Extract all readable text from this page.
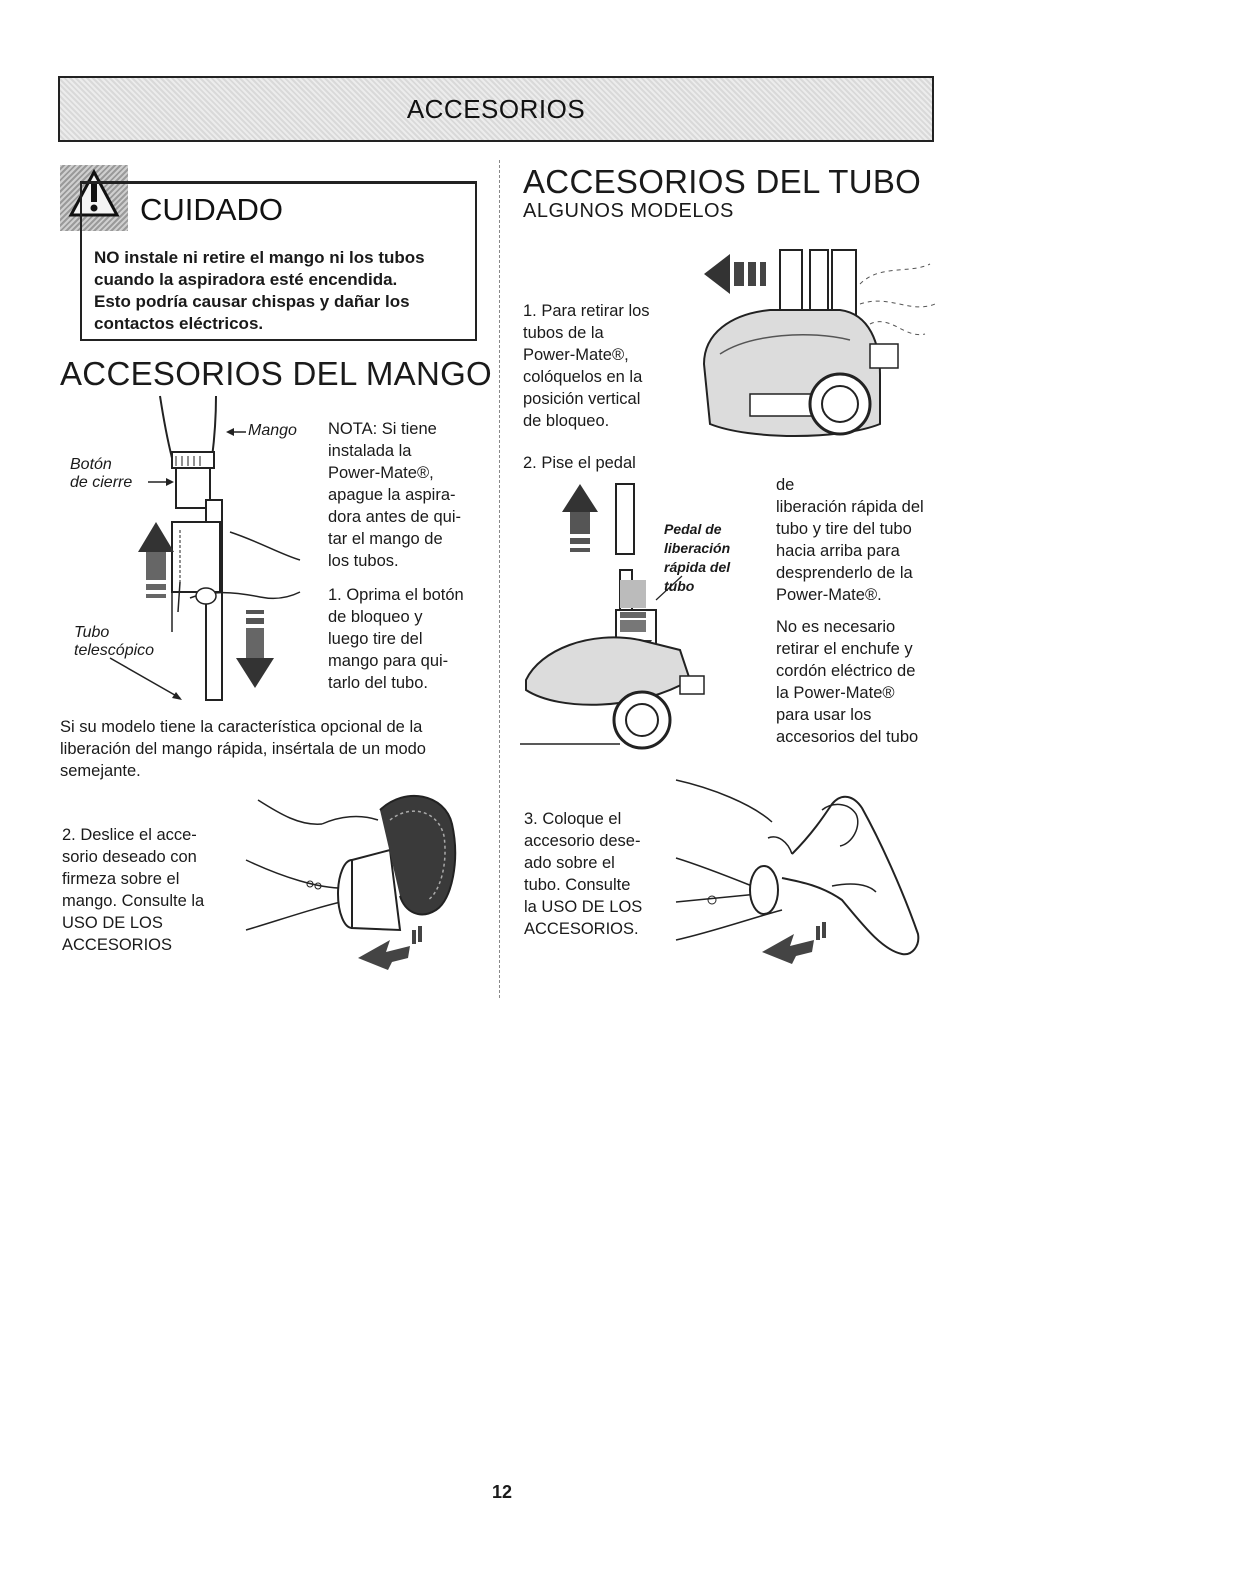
ACCESORIOS
CUIDADO
NO instale ni retire el mango ni los tubos
cuando la aspiradora esté encendida.
Esto podría causar chispas y dañar los
contactos eléctricos.
ACCESORIOS DEL MANGO
Mango
Botón
de cierre
Tubo
telescópico
NOTA: Si tiene
instalada la
Power-Mate®,
apague la aspira-
dora antes de qui-
tar el mango de
los tubos.
1. Oprima el botón
de bloqueo y
luego tire del
mango para qui-
tarlo del tubo.
Si su modelo tiene la característica opcional de la
liberación del mango rápida, insértala de un modo
semejante.
2. Deslice el acce-
sorio deseado con
firmeza sobre el
mango. Consulte la
USO DE LOS
ACCESORIOS
ACCESORIOS DEL TUBO
ALGUNOS MODELOS
1. Para retirar los
tubos de la
Power-Mate®,
colóquelos en la
posición vertical
de bloqueo.
2. Pise el pedal
Pedal de
liberación
rápida del
tubo
de
liberación rápida del
tubo y tire del tubo
hacia arriba para
desprenderlo de la
Power-Mate®.
No es necesario
retirar el enchufe y
cordón eléctrico de
la Power-Mate®
para usar los
accesorios del tubo
3. Coloque el
accesorio dese-
ado sobre el
tubo. Consulte
la USO DE LOS
ACCESORIOS.
12
